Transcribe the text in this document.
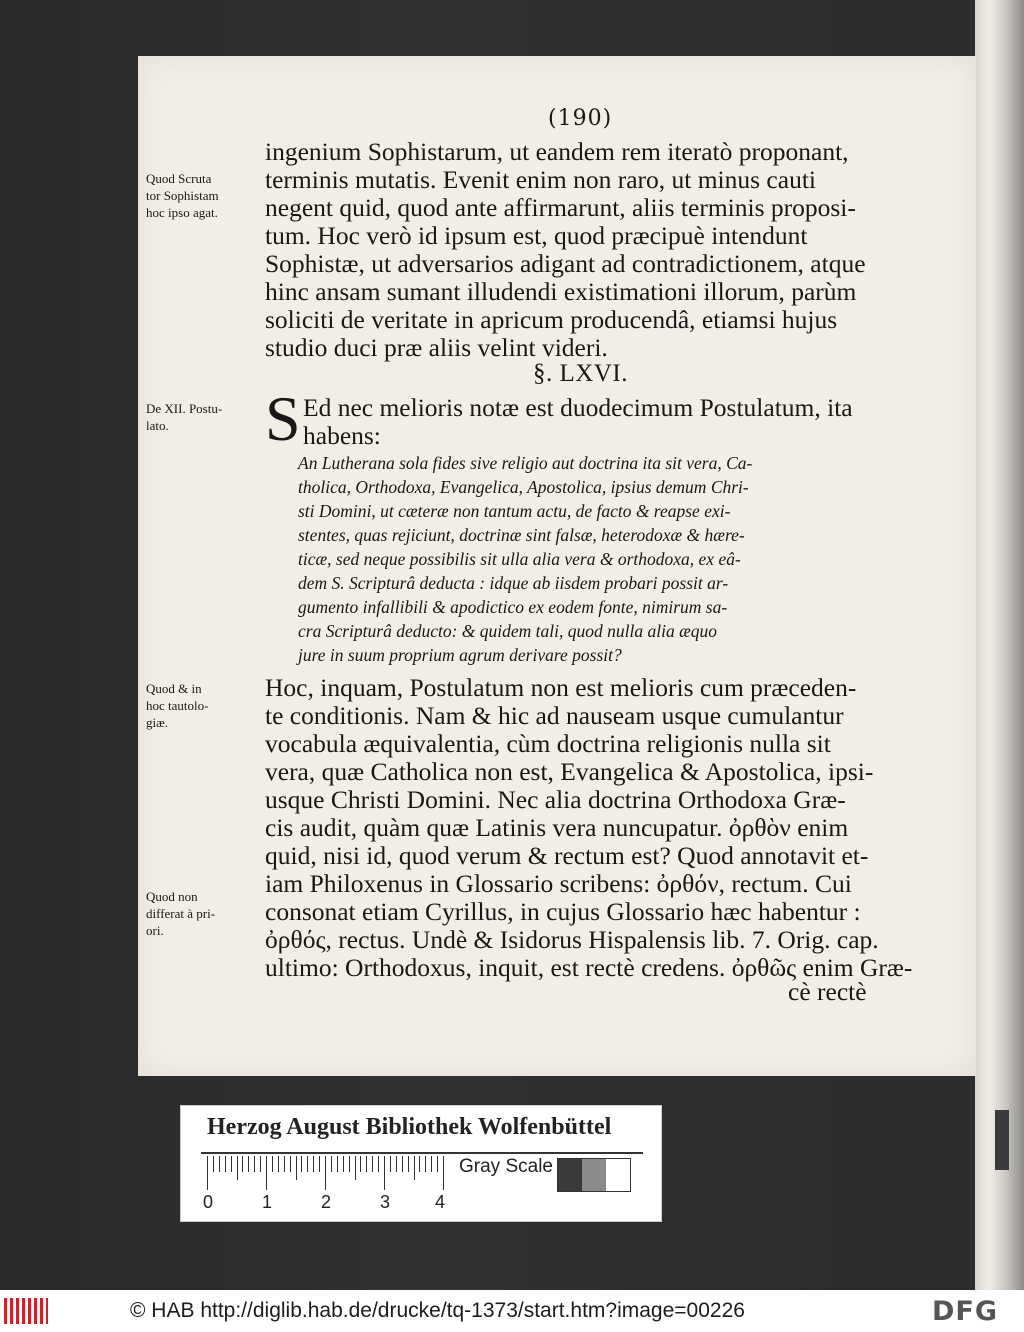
(190)
ingenium Sophistarum, ut eandem rem iteratò proponant,
terminis mutatis. Evenit enim non raro, ut minus cauti
negent quid, quod ante affirmarunt, aliis terminis proposi-
tum. Hoc verò id ipsum est, quod præcipuè intendunt
Sophistæ, ut adversarios adigant ad contradictionem, atque
hinc ansam sumant illudendi existimationi illorum, parùm
soliciti de veritate in apricum producendâ, etiamsi hujus
studio duci præ aliis velint videri.
§. LXVI.
S Ed nec melioris notæ est duodecimum Postulatum, ita
habens:
An Lutherana sola fides sive religio aut doctrina ita sit vera, Ca-
tholica, Orthodoxa, Evangelica, Apostolica, ipsius demum Chri-
sti Domini, ut cæteræ non tantum actu, de facto & reapse exi-
stentes, quas rejiciunt, doctrinæ sint falsæ, heterodoxæ & hære-
ticæ, sed neque possibilis sit ulla alia vera & orthodoxa, ex eâ-
dem S. Scripturâ deducta : idque ab iisdem probari possit ar-
gumento infallibili & apodictico ex eodem fonte, nimirum sa-
cra Scripturâ deducto: & quidem tali, quod nulla alia æquo
jure in suum proprium agrum derivare possit?
Hoc, inquam, Postulatum non est melioris cum præceden-
te conditionis. Nam & hic ad nauseam usque cumulantur
vocabula æquivalentia, cùm doctrina religionis nulla sit
vera, quæ Catholica non est, Evangelica & Apostolica, ipsi-
usque Christi Domini. Nec alia doctrina Orthodoxa Græ-
cis audit, quàm quæ Latinis vera nuncupatur. ὀρθὸν enim
quid, nisi id, quod verum & rectum est? Quod annotavit et-
iam Philoxenus in Glossario scribens: ὀρθόν, rectum. Cui
consonat etiam Cyrillus, in cujus Glossario hæc habentur :
ὀρθός, rectus. Undè & Isidorus Hispalensis lib. 7. Orig. cap.
ultimo: Orthodoxus, inquit, est rectè credens. ὀρθῶς enim Græ-
cè rectè
Quod Scruta
tor Sophistam
hoc ipso agat.
De XII. Postu-
lato.
Quod & in
hoc tautolo-
giæ.
Quod non
differat à pri-
ori.
Herzog August Bibliothek Wolfenbüttel
0	1	2	3 4
Gray Scale
© HAB http://diglib.hab.de/drucke/tq-1373/start.htm?image=00226	DFG
